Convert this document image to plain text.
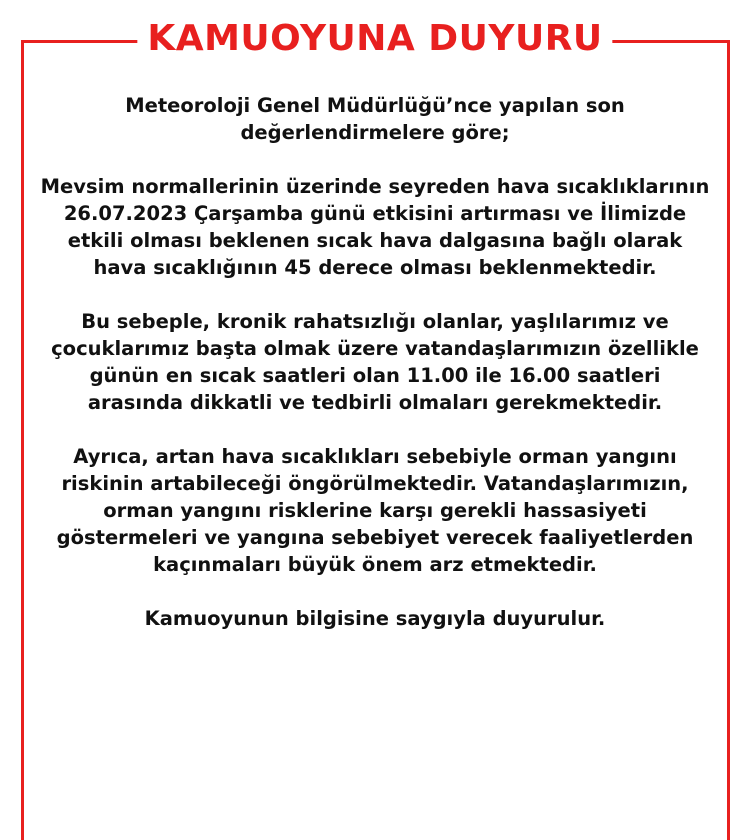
KAMUOYUNA DUYURU

Meteoroloji Genel Müdürlüğü’nce yapılan son
değerlendirmelere göre;

Mevsim normallerinin üzerinde seyreden hava sıcaklıklarının
26.07.2023 Çarşamba günü etkisini artırması ve İlimizde
etkili olması beklenen sıcak hava dalgasına bağlı olarak
hava sıcaklığının 45 derece olması beklenmektedir.

Bu sebeple, kronik rahatsızlığı olanlar, yaşlılarımız ve
çocuklarımız başta olmak üzere vatandaşlarımızın özellikle
günün en sıcak saatleri olan 11.00 ile 16.00 saatleri
arasında dikkatli ve tedbirli olmaları gerekmektedir.

Ayrıca, artan hava sıcaklıkları sebebiyle orman yangını
riskinin artabileceği öngörülmektedir. Vatandaşlarımızın,
orman yangını risklerine karşı gerekli hassasiyeti
göstermeleri ve yangına sebebiyet verecek faaliyetlerden
kaçınmaları büyük önem arz etmektedir.

Kamuoyunun bilgisine saygıyla duyurulur.
